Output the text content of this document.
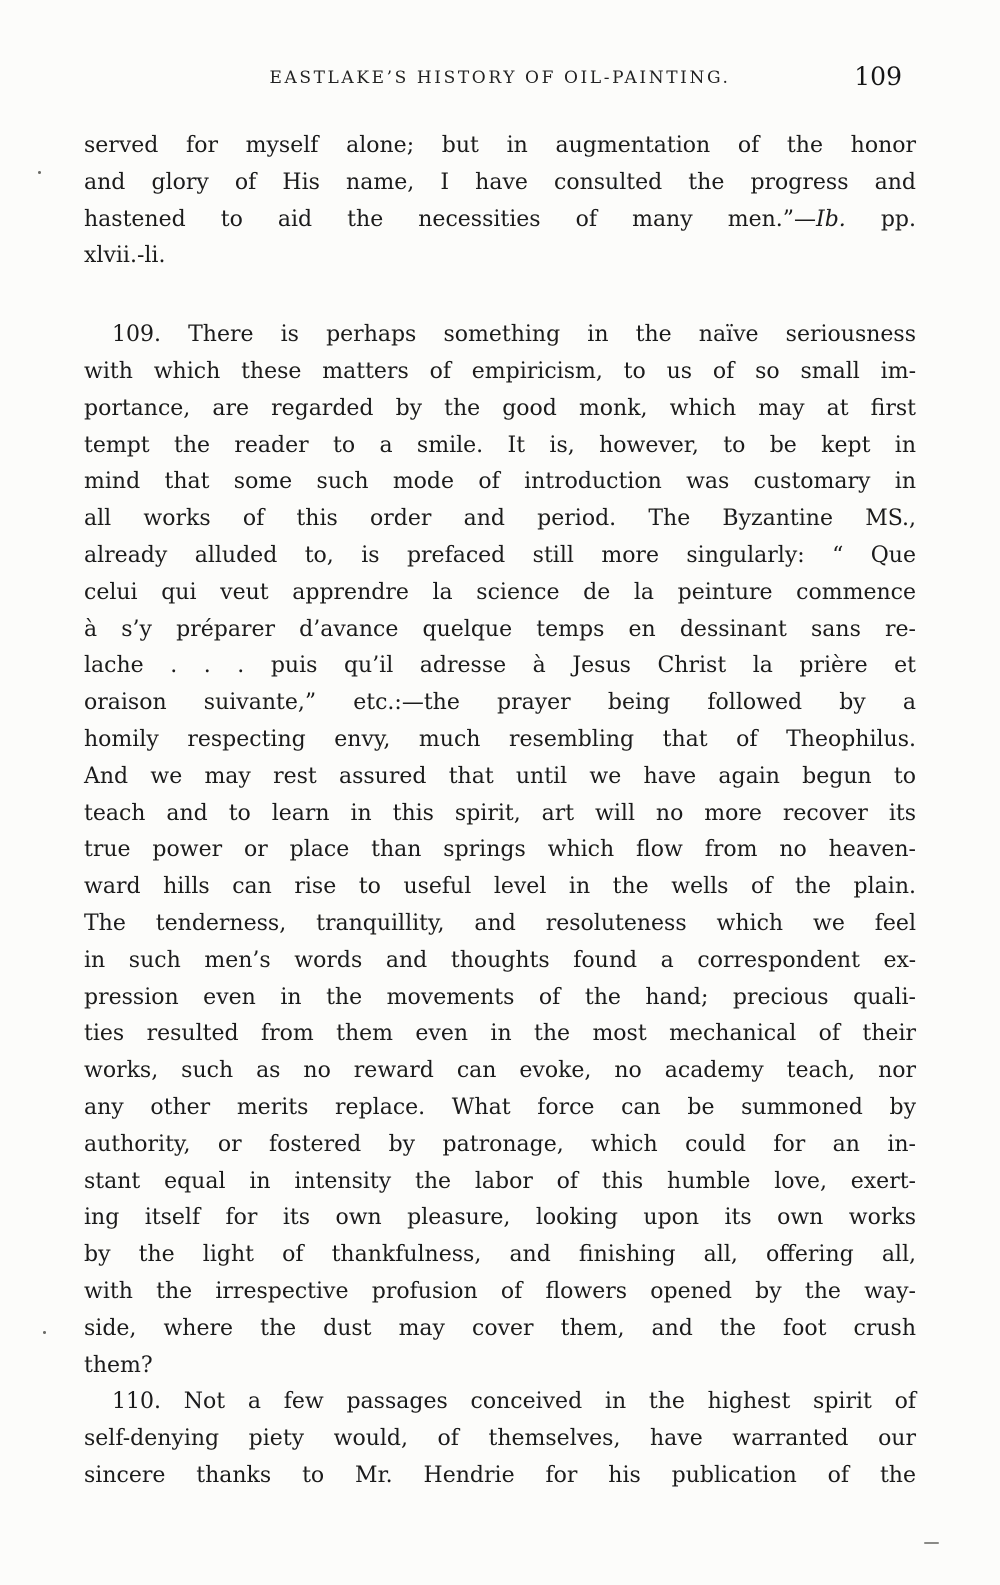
EASTLAKE’S HISTORY OF OIL-PAINTING.	109
served for myself alone; but in augmentation of the honor
and glory of His name, I have consulted the progress and
hastened to aid the necessities of many men.”—Ib. pp.
xlvii.-li.
109. There is perhaps something in the naïve seriousness
with which these matters of empiricism, to us of so small im-
portance, are regarded by the good monk, which may at first
tempt the reader to a smile. It is, however, to be kept in
mind that some such mode of introduction was customary in
all works of this order and period. The Byzantine MS.,
already alluded to, is prefaced still more singularly: “ Que
celui qui veut apprendre la science de la peinture commence
à s’y préparer d’avance quelque temps en dessinant sans re-
lache . . . puis qu’il adresse à Jesus Christ la prière et
oraison suivante,” etc.:—the prayer being followed by a
homily respecting envy, much resembling that of Theophilus.
And we may rest assured that until we have again begun to
teach and to learn in this spirit, art will no more recover its
true power or place than springs which flow from no heaven-
ward hills can rise to useful level in the wells of the plain.
The tenderness, tranquillity, and resoluteness which we feel
in such men’s words and thoughts found a correspondent ex-
pression even in the movements of the hand; precious quali-
ties resulted from them even in the most mechanical of their
works, such as no reward can evoke, no academy teach, nor
any other merits replace. What force can be summoned by
authority, or fostered by patronage, which could for an in-
stant equal in intensity the labor of this humble love, exert-
ing itself for its own pleasure, looking upon its own works
by the light of thankfulness, and finishing all, offering all,
with the irrespective profusion of flowers opened by the way-
side, where the dust may cover them, and the foot crush
them?
110. Not a few passages conceived in the highest spirit of
self-denying piety would, of themselves, have warranted our
sincere thanks to Mr. Hendrie for his publication of the
